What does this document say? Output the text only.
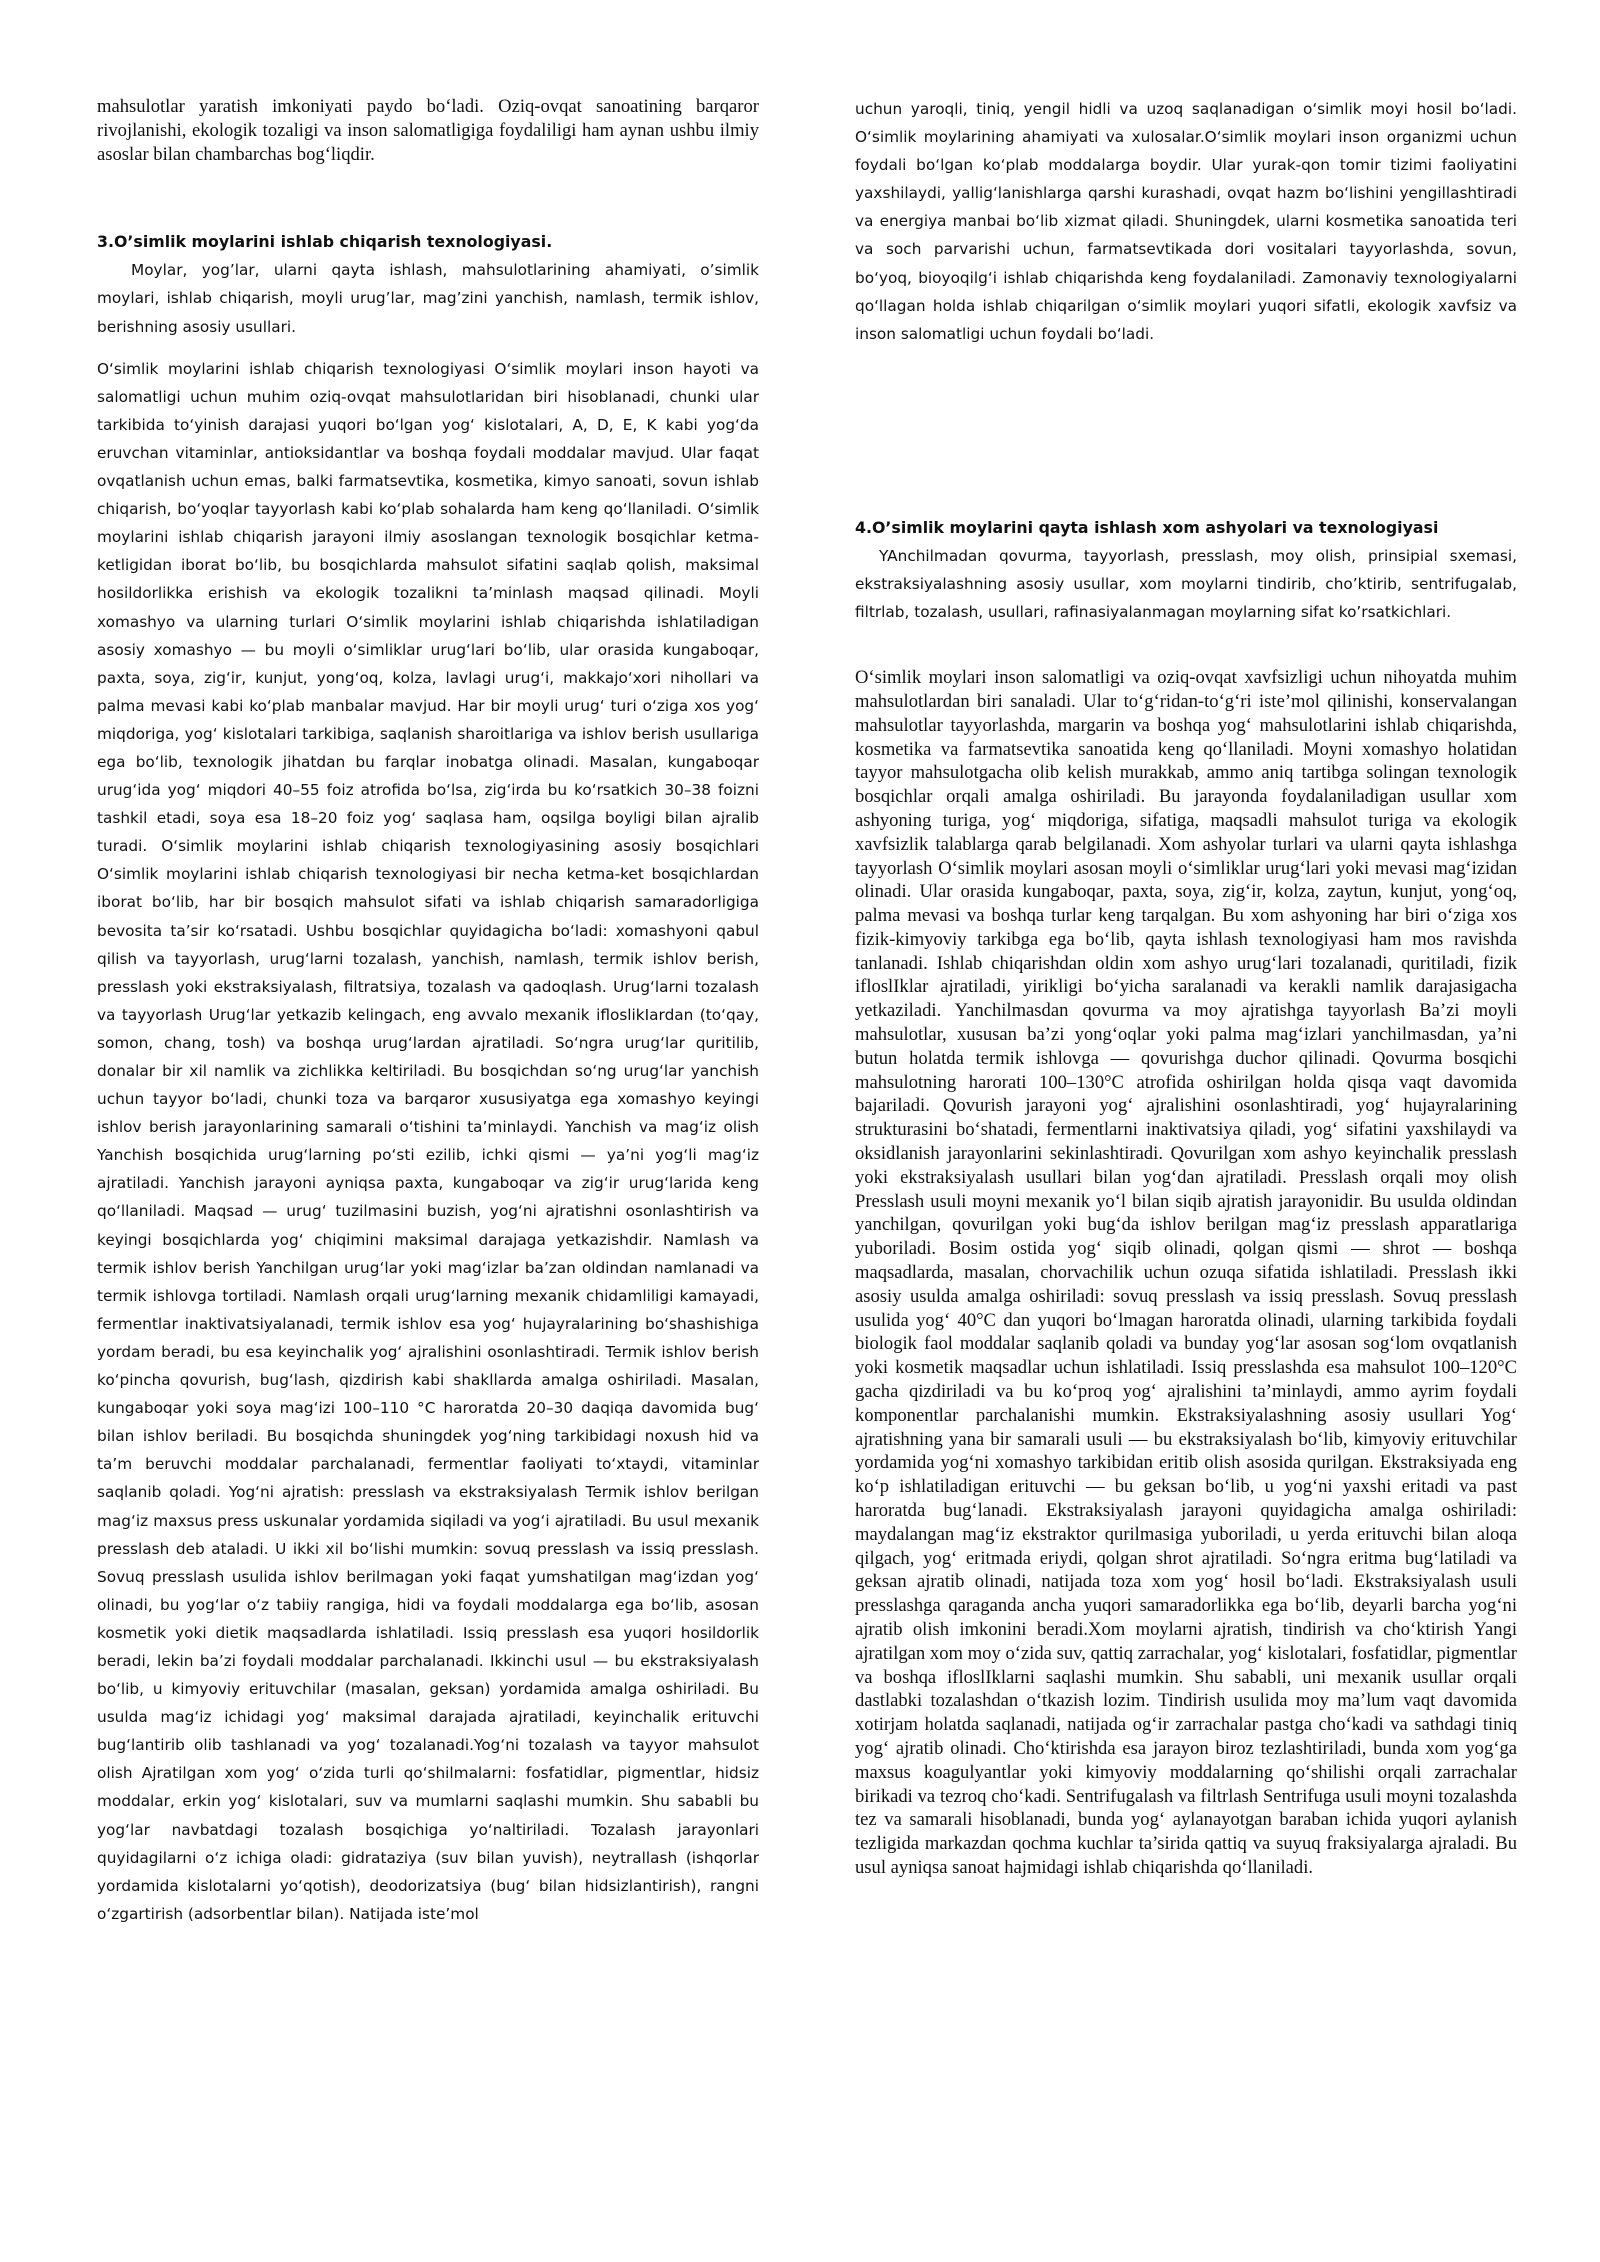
mahsulotlar yaratish imkoniyati paydo bo‘ladi. Oziq-ovqat sanoatining barqaror rivojlanishi, ekologik tozaligi va inson salomatligiga foydaliligi ham aynan ushbu ilmiy asoslar bilan chambarchas bog‘liqdir.

3.O’simlik moylarini ishlab chiqarish texnologiyasi.

Moylar, yog’lar, ularni qayta ishlash, mahsulotlarining ahamiyati, o’simlik moylari, ishlab chiqarish, moyli urug’lar, mag’zini yanchish, namlash, termik ishlov, berishning asosiy usullari.

O‘simlik moylarini ishlab chiqarish texnologiyasi O‘simlik moylari inson hayoti va salomatligi uchun muhim oziq-ovqat mahsulotlaridan biri hisoblanadi, chunki ular tarkibida to‘yinish darajasi yuqori bo‘lgan yog‘ kislotalari, A, D, E, K kabi yog‘da eruvchan vitaminlar, antioksidantlar va boshqa foydali moddalar mavjud. Ular faqat ovqatlanish uchun emas, balki farmatsevtika, kosmetika, kimyo sanoati, sovun ishlab chiqarish, bo‘yoqlar tayyorlash kabi ko‘plab sohalarda ham keng qo‘llaniladi. O‘simlik moylarini ishlab chiqarish jarayoni ilmiy asoslangan texnologik bosqichlar ketma-ketligidan iborat bo‘lib, bu bosqichlarda mahsulot sifatini saqlab qolish, maksimal hosildorlikka erishish va ekologik tozalikni ta’minlash maqsad qilinadi. Moyli xomashyo va ularning turlari O‘simlik moylarini ishlab chiqarishda ishlatiladigan asosiy xomashyo — bu moyli o‘simliklar urug‘lari bo‘lib, ular orasida kungaboqar, paxta, soya, zig‘ir, kunjut, yong‘oq, kolza, lavlagi urug‘i, makkajo‘xori nihollari va palma mevasi kabi ko‘plab manbalar mavjud. Har bir moyli urug‘ turi o‘ziga xos yog‘ miqdoriga, yog‘ kislotalari tarkibiga, saqlanish sharoitlariga va ishlov berish usullariga ega bo‘lib, texnologik jihatdan bu farqlar inobatga olinadi. Masalan, kungaboqar urug‘ida yog‘ miqdori 40–55 foiz atrofida bo‘lsa, zig‘irda bu ko‘rsatkich 30–38 foizni tashkil etadi, soya esa 18–20 foiz yog‘ saqlasa ham, oqsilga boyligi bilan ajralib turadi. O‘simlik moylarini ishlab chiqarish texnologiyasining asosiy bosqichlari O‘simlik moylarini ishlab chiqarish texnologiyasi bir necha ketma-ket bosqichlardan iborat bo‘lib, har bir bosqich mahsulot sifati va ishlab chiqarish samaradorligiga bevosita ta’sir ko‘rsatadi. Ushbu bosqichlar quyidagicha bo‘ladi: xomashyoni qabul qilish va tayyorlash, urug‘larni tozalash, yanchish, namlash, termik ishlov berish, presslash yoki ekstraksiyalash, filtratsiya, tozalash va qadoqlash. Urug‘larni tozalash va tayyorlash Urug‘lar yetkazib kelingach, eng avvalo mexanik ifloslikIardan (to‘qay, somon, chang, tosh) va boshqa urug‘lardan ajratiladi. So‘ngra urug‘lar quritilib, donalar bir xil namlik va zichlikka keltiriladi. Bu bosqichdan so‘ng urug‘lar yanchish uchun tayyor bo‘ladi, chunki toza va barqaror xususiyatga ega xomashyo keyingi ishlov berish jarayonlarining samarali o‘tishini ta’minlaydi. Yanchish va mag‘iz olish Yanchish bosqichida urug‘larning po‘sti ezilib, ichki qismi — ya’ni yog‘li mag‘iz ajratiladi. Yanchish jarayoni ayniqsa paxta, kungaboqar va zig‘ir urug‘larida keng qo‘llaniladi. Maqsad — urug‘ tuzilmasini buzish, yog‘ni ajratishni osonlashtirish va keyingi bosqichlarda yog‘ chiqimini maksimal darajaga yetkazishdir. Namlash va termik ishlov berish Yanchilgan urug‘lar yoki mag‘izlar ba’zan oldindan namlanadi va termik ishlovga tortiladi. Namlash orqali urug‘larning mexanik chidamliligi kamayadi, fermentlar inaktivatsiyalanadi, termik ishlov esa yog‘ hujayralarining bo‘shashishiga yordam beradi, bu esa keyinchalik yog‘ ajralishini osonlashtiradi. Termik ishlov berish ko‘pincha qovurish, bug‘lash, qizdirish kabi shakllarda amalga oshiriladi. Masalan, kungaboqar yoki soya mag‘izi 100–110 °C haroratda 20–30 daqiqa davomida bug‘ bilan ishlov beriladi. Bu bosqichda shuningdek yog‘ning tarkibidagi noxush hid va ta’m beruvchi moddalar parchalanadi, fermentlar faoliyati to‘xtaydi, vitaminlar saqlanib qoladi. Yog‘ni ajratish: presslash va ekstraksiyalash Termik ishlov berilgan mag‘iz maxsus press uskunalar yordamida siqiladi va yog‘i ajratiladi. Bu usul mexanik presslash deb ataladi. U ikki xil bo‘lishi mumkin: sovuq presslash va issiq presslash. Sovuq presslash usulida ishlov berilmagan yoki faqat yumshatilgan mag‘izdan yog‘ olinadi, bu yog‘lar o‘z tabiiy rangiga, hidi va foydali moddalarga ega bo‘lib, asosan kosmetik yoki dietik maqsadlarda ishlatiladi. Issiq presslash esa yuqori hosildorlik beradi, lekin ba’zi foydali moddalar parchalanadi. Ikkinchi usul — bu ekstraksiyalash bo‘lib, u kimyoviy erituvchilar (masalan, geksan) yordamida amalga oshiriladi. Bu usulda mag‘iz ichidagi yog‘ maksimal darajada ajratiladi, keyinchalik erituvchi bug‘lantirib olib tashlanadi va yog‘ tozalanadi.Yog‘ni tozalash va tayyor mahsulot olish Ajratilgan xom yog‘ o‘zida turli qo‘shilmalarni: fosfatidlar, pigmentlar, hidsiz moddalar, erkin yog‘ kislotalari, suv va mumlarni saqlashi mumkin. Shu sababli bu yog‘lar navbatdagi tozalash bosqichiga yo‘naltiriladi. Tozalash jarayonlari quyidagilarni o‘z ichiga oladi: gidrataziya (suv bilan yuvish), neytrallash (ishqorlar yordamida kislotalarni yo‘qotish), deodorizatsiya (bug‘ bilan hidsizlantirish), rangni o‘zgartirish (adsorbentlar bilan). Natijada iste’mol

uchun yaroqli, tiniq, yengil hidli va uzoq saqlanadigan o‘simlik moyi hosil bo‘ladi. O‘simlik moylarining ahamiyati va xulosalar.O‘simlik moylari inson organizmi uchun foydali bo‘lgan ko‘plab moddalarga boydir. Ular yurak-qon tomir tizimi faoliyatini yaxshilaydi, yallig‘lanishlarga qarshi kurashadi, ovqat hazm bo‘lishini yengillashtiradi va energiya manbai bo‘lib xizmat qiladi. Shuningdek, ularni kosmetika sanoatida teri va soch parvarishi uchun, farmatsevtikada dori vositalari tayyorlashda, sovun, bo‘yoq, bioyoqilg‘i ishlab chiqarishda keng foydalaniladi. Zamonaviy texnologiyalarni qo‘llagan holda ishlab chiqarilgan o‘simlik moylari yuqori sifatli, ekologik xavfsiz va inson salomatligi uchun foydali bo‘ladi.

4.O’simlik moylarini qayta ishlash xom ashyolari va texnologiyasi

YAnchilmadan qovurma, tayyorlash, presslash, moy olish, prinsipial sxemasi, ekstraksiyalashning asosiy usullar, xom moylarni tindirib, cho’ktirib, sentrifugalab, filtrlab, tozalash, usullari, rafinasiyalanmagan moylarning sifat ko’rsatkichlari.

O‘simlik moylari inson salomatligi va oziq-ovqat xavfsizligi uchun nihoyatda muhim mahsulotlardan biri sanaladi. Ular to‘g‘ridan-to‘g‘ri iste’mol qilinishi, konservalangan mahsulotlar tayyorlashda, margarin va boshqa yog‘ mahsulotlarini ishlab chiqarishda, kosmetika va farmatsevtika sanoatida keng qo‘llaniladi. Moyni xomashyo holatidan tayyor mahsulotgacha olib kelish murakkab, ammo aniq tartibga solingan texnologik bosqichlar orqali amalga oshiriladi. Bu jarayonda foydalaniladigan usullar xom ashyoning turiga, yog‘ miqdoriga, sifatiga, maqsadli mahsulot turiga va ekologik xavfsizlik talablarga qarab belgilanadi. Xom ashyolar turlari va ularni qayta ishlashga tayyorlash O‘simlik moylari asosan moyli o‘simliklar urug‘lari yoki mevasi mag‘izidan olinadi. Ular orasida kungaboqar, paxta, soya, zig‘ir, kolza, zaytun, kunjut, yong‘oq, palma mevasi va boshqa turlar keng tarqalgan. Bu xom ashyoning har biri o‘ziga xos fizik-kimyoviy tarkibga ega bo‘lib, qayta ishlash texnologiyasi ham mos ravishda tanlanadi. Ishlab chiqarishdan oldin xom ashyo urug‘lari tozalanadi, quritiladi, fizik ifloslIklar ajratiladi, yirikligi bo‘yicha saralanadi va kerakli namlik darajasigacha yetkaziladi. Yanchilmasdan qovurma va moy ajratishga tayyorlash Ba’zi moyli mahsulotlar, xususan ba’zi yong‘oqlar yoki palma mag‘izlari yanchilmasdan, ya’ni butun holatda termik ishlovga — qovurishga duchor qilinadi. Qovurma bosqichi mahsulotning harorati 100–130°C atrofida oshirilgan holda qisqa vaqt davomida bajariladi. Qovurish jarayoni yog‘ ajralishini osonlashtiradi, yog‘ hujayralarining strukturasini bo‘shatadi, fermentlarni inaktivatsiya qiladi, yog‘ sifatini yaxshilaydi va oksidlanish jarayonlarini sekinlashtiradi. Qovurilgan xom ashyo keyinchalik presslash yoki ekstraksiyalash usullari bilan yog‘dan ajratiladi. Presslash orqali moy olish Presslash usuli moyni mexanik yo‘l bilan siqib ajratish jarayonidir. Bu usulda oldindan yanchilgan, qovurilgan yoki bug‘da ishlov berilgan mag‘iz presslash apparatlariga yuboriladi. Bosim ostida yog‘ siqib olinadi, qolgan qismi — shrot — boshqa maqsadlarda, masalan, chorvachilik uchun ozuqa sifatida ishlatiladi. Presslash ikki asosiy usulda amalga oshiriladi: sovuq presslash va issiq presslash. Sovuq presslash usulida yog‘ 40°C dan yuqori bo‘lmagan haroratda olinadi, ularning tarkibida foydali biologik faol moddalar saqlanib qoladi va bunday yog‘lar asosan sog‘lom ovqatlanish yoki kosmetik maqsadlar uchun ishlatiladi. Issiq presslashda esa mahsulot 100–120°C gacha qizdiriladi va bu ko‘proq yog‘ ajralishini ta’minlaydi, ammo ayrim foydali komponentlar parchalanishi mumkin. Ekstraksiyalashning asosiy usullari Yog‘ ajratishning yana bir samarali usuli — bu ekstraksiyalash bo‘lib, kimyoviy erituvchilar yordamida yog‘ni xomashyo tarkibidan eritib olish asosida qurilgan. Ekstraksiyada eng ko‘p ishlatiladigan erituvchi — bu geksan bo‘lib, u yog‘ni yaxshi eritadi va past haroratda bug‘lanadi. Ekstraksiyalash jarayoni quyidagicha amalga oshiriladi: maydalangan mag‘iz ekstraktor qurilmasiga yuboriladi, u yerda erituvchi bilan aloqa qilgach, yog‘ eritmada eriydi, qolgan shrot ajratiladi. So‘ngra eritma bug‘latiladi va geksan ajratib olinadi, natijada toza xom yog‘ hosil bo‘ladi. Ekstraksiyalash usuli presslashga qaraganda ancha yuqori samaradorlikka ega bo‘lib, deyarli barcha yog‘ni ajratib olish imkonini beradi.Xom moylarni ajratish, tindirish va cho‘ktirish Yangi ajratilgan xom moy o‘zida suv, qattiq zarrachalar, yog‘ kislotalari, fosfatidlar, pigmentlar va boshqa ifloslIklarni saqlashi mumkin. Shu sababli, uni mexanik usullar orqali dastlabki tozalashdan o‘tkazish lozim. Tindirish usulida moy ma’lum vaqt davomida xotirjam holatda saqlanadi, natijada og‘ir zarrachalar pastga cho‘kadi va sathdagi tiniq yog‘ ajratib olinadi. Cho‘ktirishda esa jarayon biroz tezlashtiriladi, bunda xom yog‘ga maxsus koagulyantlar yoki kimyoviy moddalarning qo‘shilishi orqali zarrachalar birikadi va tezroq cho‘kadi. Sentrifugalash va filtrlash Sentrifuga usuli moyni tozalashda tez va samarali hisoblanadi, bunda yog‘ aylanayotgan baraban ichida yuqori aylanish tezligida markazdan qochma kuchlar ta’sirida qattiq va suyuq fraksiyalarga ajraladi. Bu usul ayniqsa sanoat hajmidagi ishlab chiqarishda qo‘llaniladi.
